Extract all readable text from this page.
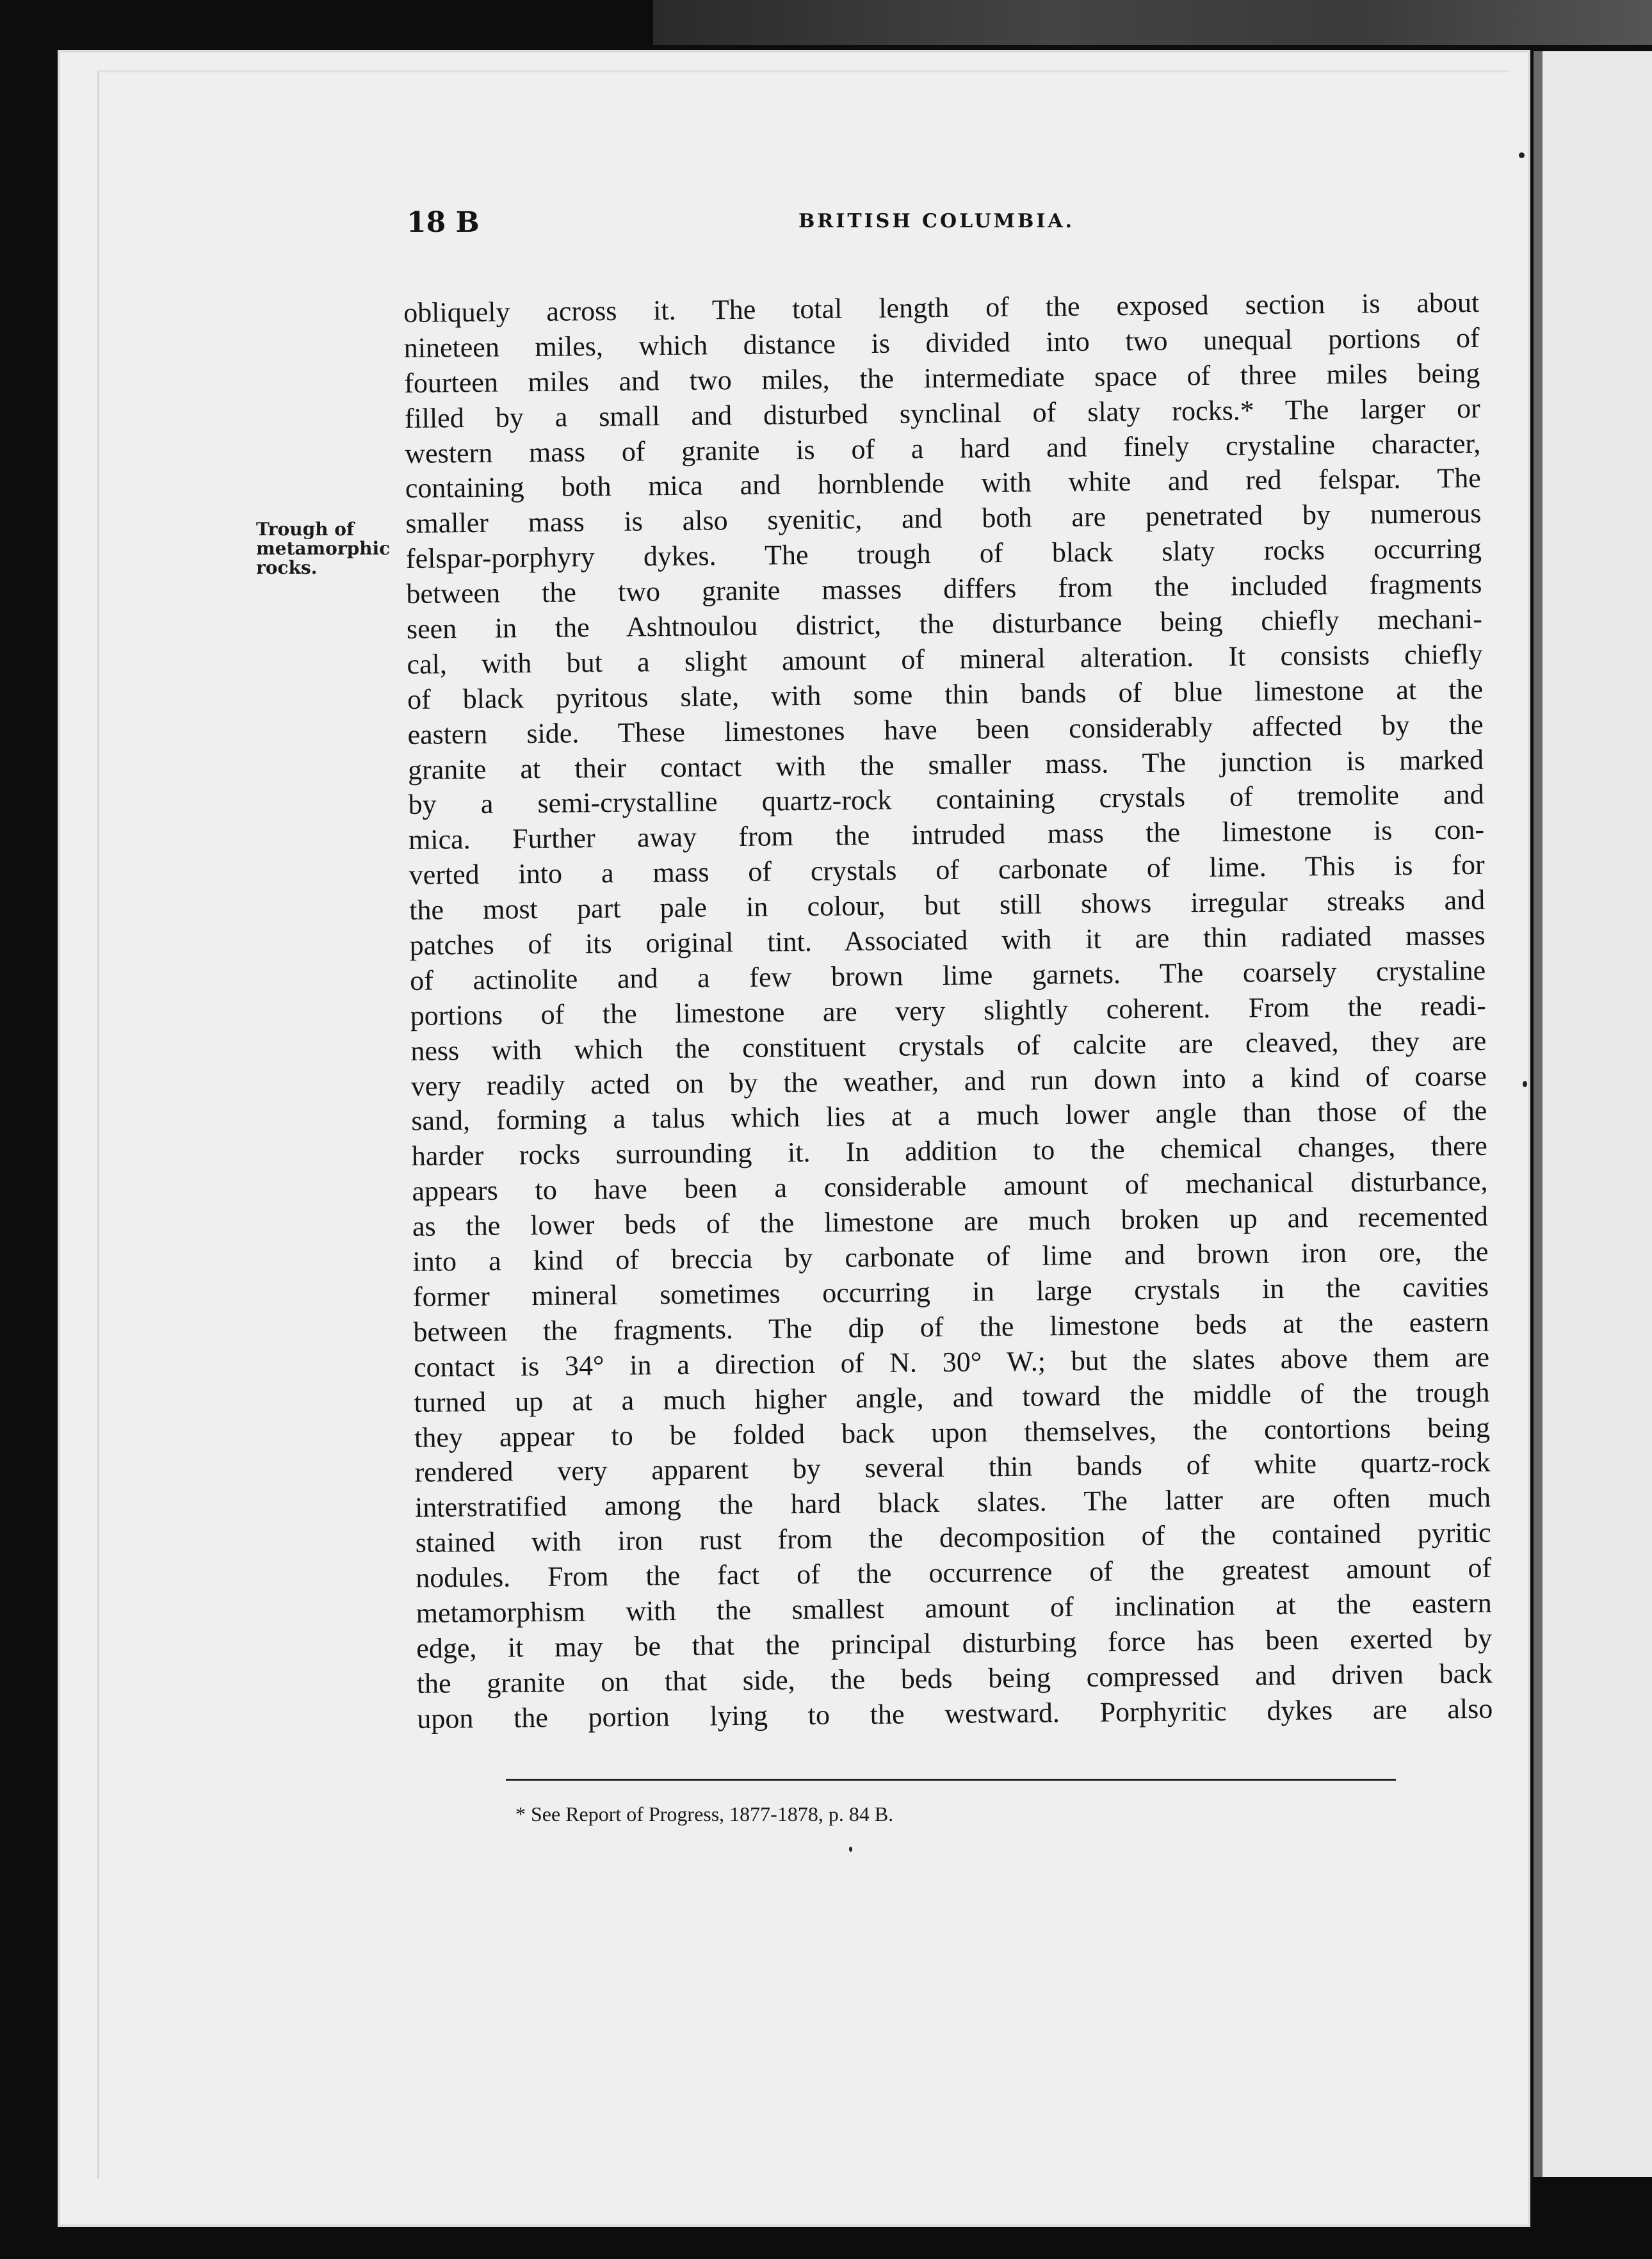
18 B	BRITISH COLUMBIA.
Trough of
metamorphic
rocks.
obliquely across it. The total length of the exposed section is about
nineteen miles, which distance is divided into two unequal portions of
fourteen miles and two miles, the intermediate space of three miles being
filled by a small and disturbed synclinal of slaty rocks.* The larger or
western mass of granite is of a hard and finely crystaline character,
containing both mica and hornblende with white and red felspar. The
smaller mass is also syenitic, and both are penetrated by numerous
felspar-porphyry dykes. The trough of black slaty rocks occurring
between the two granite masses differs from the included fragments
seen in the Ashtnoulou district, the disturbance being chiefly mechani-
cal, with but a slight amount of mineral alteration. It consists chiefly
of black pyritous slate, with some thin bands of blue limestone at the
eastern side. These limestones have been considerably affected by the
granite at their contact with the smaller mass. The junction is marked
by a semi-crystalline quartz-rock containing crystals of tremolite and
mica. Further away from the intruded mass the limestone is con-
verted into a mass of crystals of carbonate of lime. This is for
the most part pale in colour, but still shows irregular streaks and
patches of its original tint. Associated with it are thin radiated masses
of actinolite and a few brown lime garnets. The coarsely crystaline
portions of the limestone are very slightly coherent. From the readi-
ness with which the constituent crystals of calcite are cleaved, they are
very readily acted on by the weather, and run down into a kind of coarse
sand, forming a talus which lies at a much lower angle than those of the
harder rocks surrounding it. In addition to the chemical changes, there
appears to have been a considerable amount of mechanical disturbance,
as the lower beds of the limestone are much broken up and recemented
into a kind of breccia by carbonate of lime and brown iron ore, the
former mineral sometimes occurring in large crystals in the cavities
between the fragments. The dip of the limestone beds at the eastern
contact is 34° in a direction of N. 30° W.; but the slates above them are
turned up at a much higher angle, and toward the middle of the trough
they appear to be folded back upon themselves, the contortions being
rendered very apparent by several thin bands of white quartz-rock
interstratified among the hard black slates. The latter are often much
stained with iron rust from the decomposition of the contained pyritic
nodules. From the fact of the occurrence of the greatest amount of
metamorphism with the smallest amount of inclination at the eastern
edge, it may be that the principal disturbing force has been exerted by
the granite on that side, the beds being compressed and driven back
upon the portion lying to the westward. Porphyritic dykes are also
* See Report of Progress, 1877-1878, p. 84 B.
